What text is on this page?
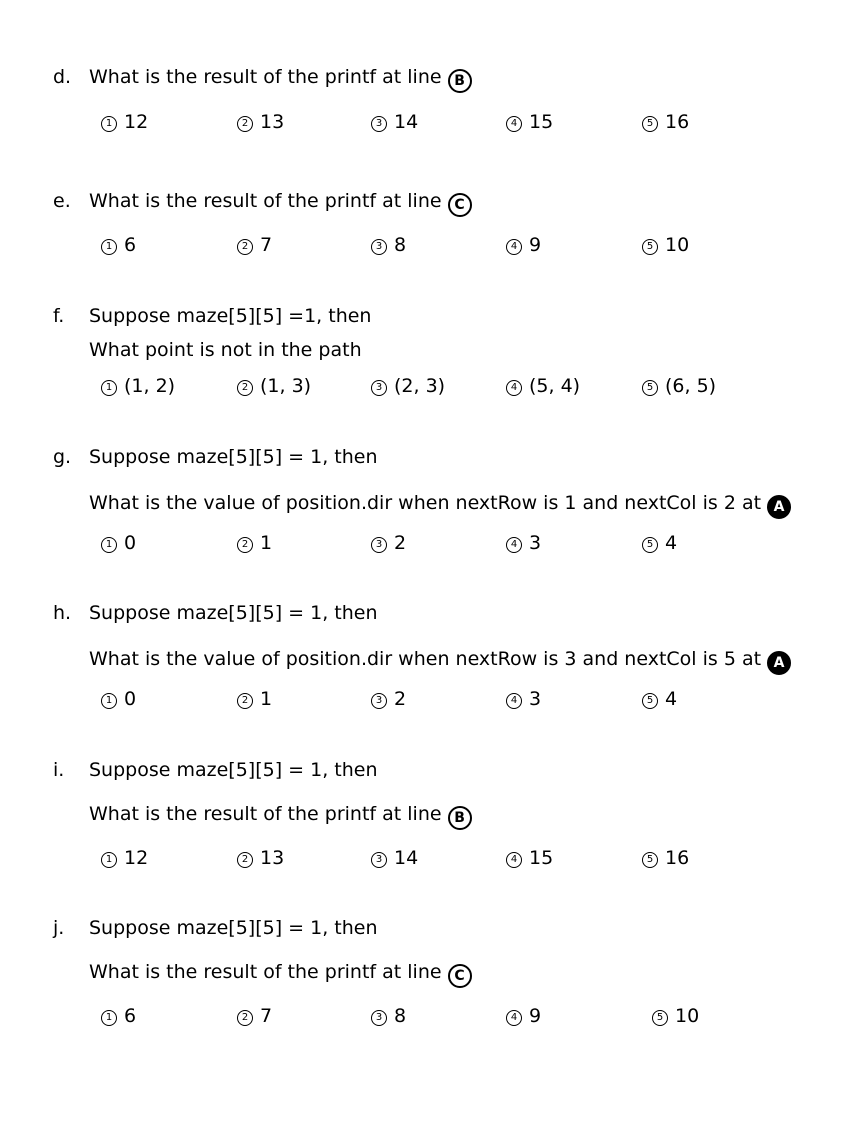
d. What is the result of the printf at line B
1 12	2 13	3 14	4 15	5 16
e. What is the result of the printf at line C
1 6	2 7	3 8	4 9	5 10
f. Suppose maze[5][5] =1, then
What point is not in the path
1 (1, 2)	2 (1, 3)	3 (2, 3)	4 (5, 4)	5 (6, 5)
g. Suppose maze[5][5] = 1, then
What is the value of position.dir when nextRow is 1 and nextCol is 2 at A
1 0	2 1	3 2	4 3	5 4
h. Suppose maze[5][5] = 1, then
What is the value of position.dir when nextRow is 3 and nextCol is 5 at A
1 0	2 1	3 2	4 3	5 4
i. Suppose maze[5][5] = 1, then
What is the result of the printf at line B
1 12	2 13	3 14	4 15	5 16
j. Suppose maze[5][5] = 1, then
What is the result of the printf at line C
1 6	2 7	3 8	4 9	5 10
